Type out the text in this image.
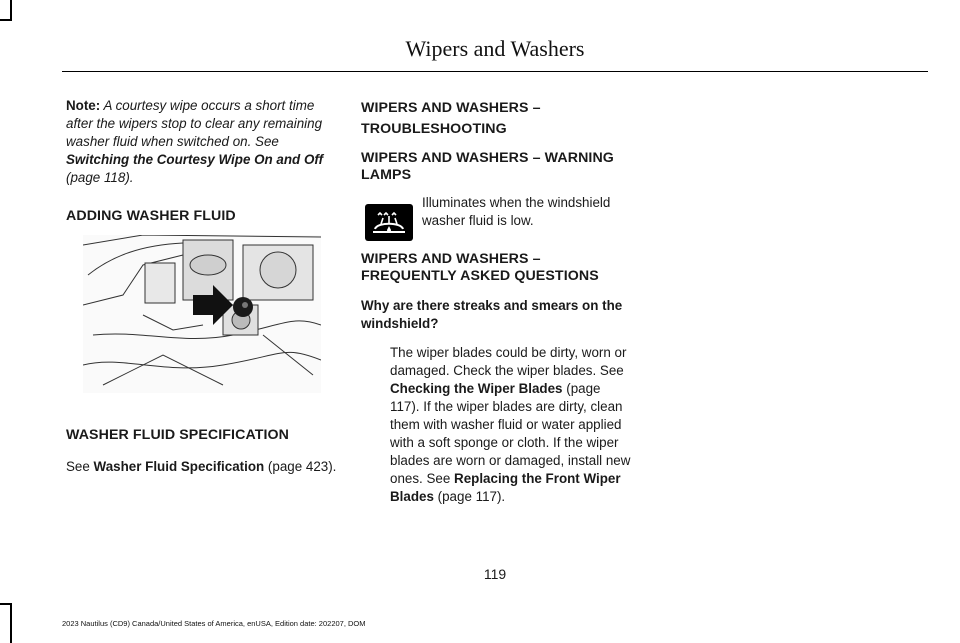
Wipers and Washers

Note: A courtesy wipe occurs a short time after the wipers stop to clear any remaining washer fluid when switched on. See Switching the Courtesy Wipe On and Off (page 118).

ADDING WASHER FLUID
WASHER FLUID SPECIFICATION

See Washer Fluid Specification (page 423).

WIPERS AND WASHERS –
TROUBLESHOOTING
WIPERS AND WASHERS – WARNING LAMPS

Illuminates when the windshield washer fluid is low.

WIPERS AND WASHERS – FREQUENTLY ASKED QUESTIONS
Why are there streaks and smears on the windshield?

The wiper blades could be dirty, worn or damaged. Check the wiper blades. See Checking the Wiper Blades (page 117). If the wiper blades are dirty, clean them with washer fluid or water applied with a soft sponge or cloth. If the wiper blades are worn or damaged, install new ones. See Replacing the Front Wiper Blades (page 117).

119
2023 Nautilus (CD9) Canada/United States of America, enUSA, Edition date: 202207, DOM
